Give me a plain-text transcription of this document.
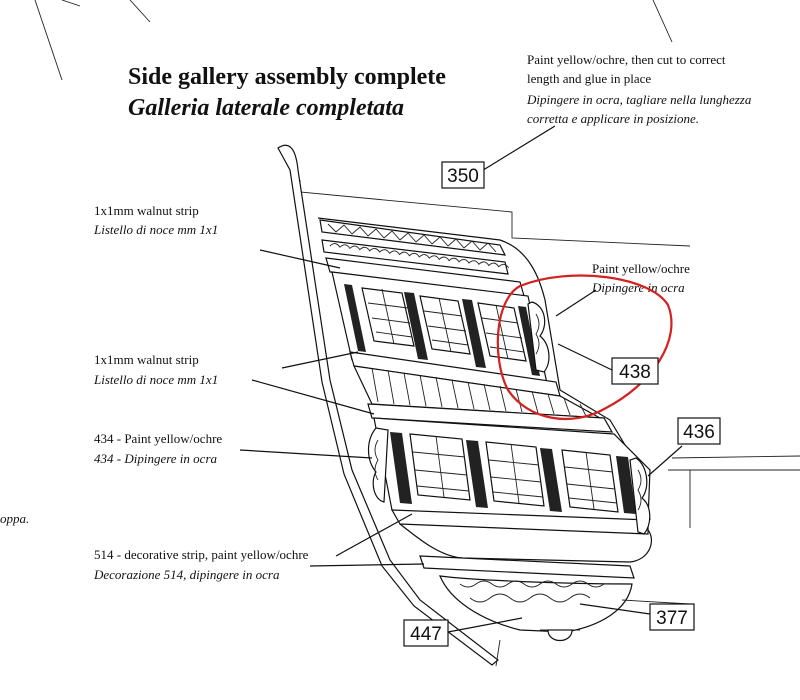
Side gallery assembly complete
Galleria laterale completata
Paint yellow/ochre, then cut to correct
length and glue in place
Dipingere in ocra, tagliare nella lunghezza
corretta e applicare in posizione.
1x1mm walnut strip
Listello di noce mm 1x1
1x1mm walnut strip
Listello di noce mm 1x1
434 - Paint yellow/ochre
434 - Dipingere in ocra
514 - decorative strip, paint yellow/ochre
Decorazione 514, dipingere in ocra
oppa.
Paint yellow/ochre
Dipingere in ocra
350
438
436
377
447
